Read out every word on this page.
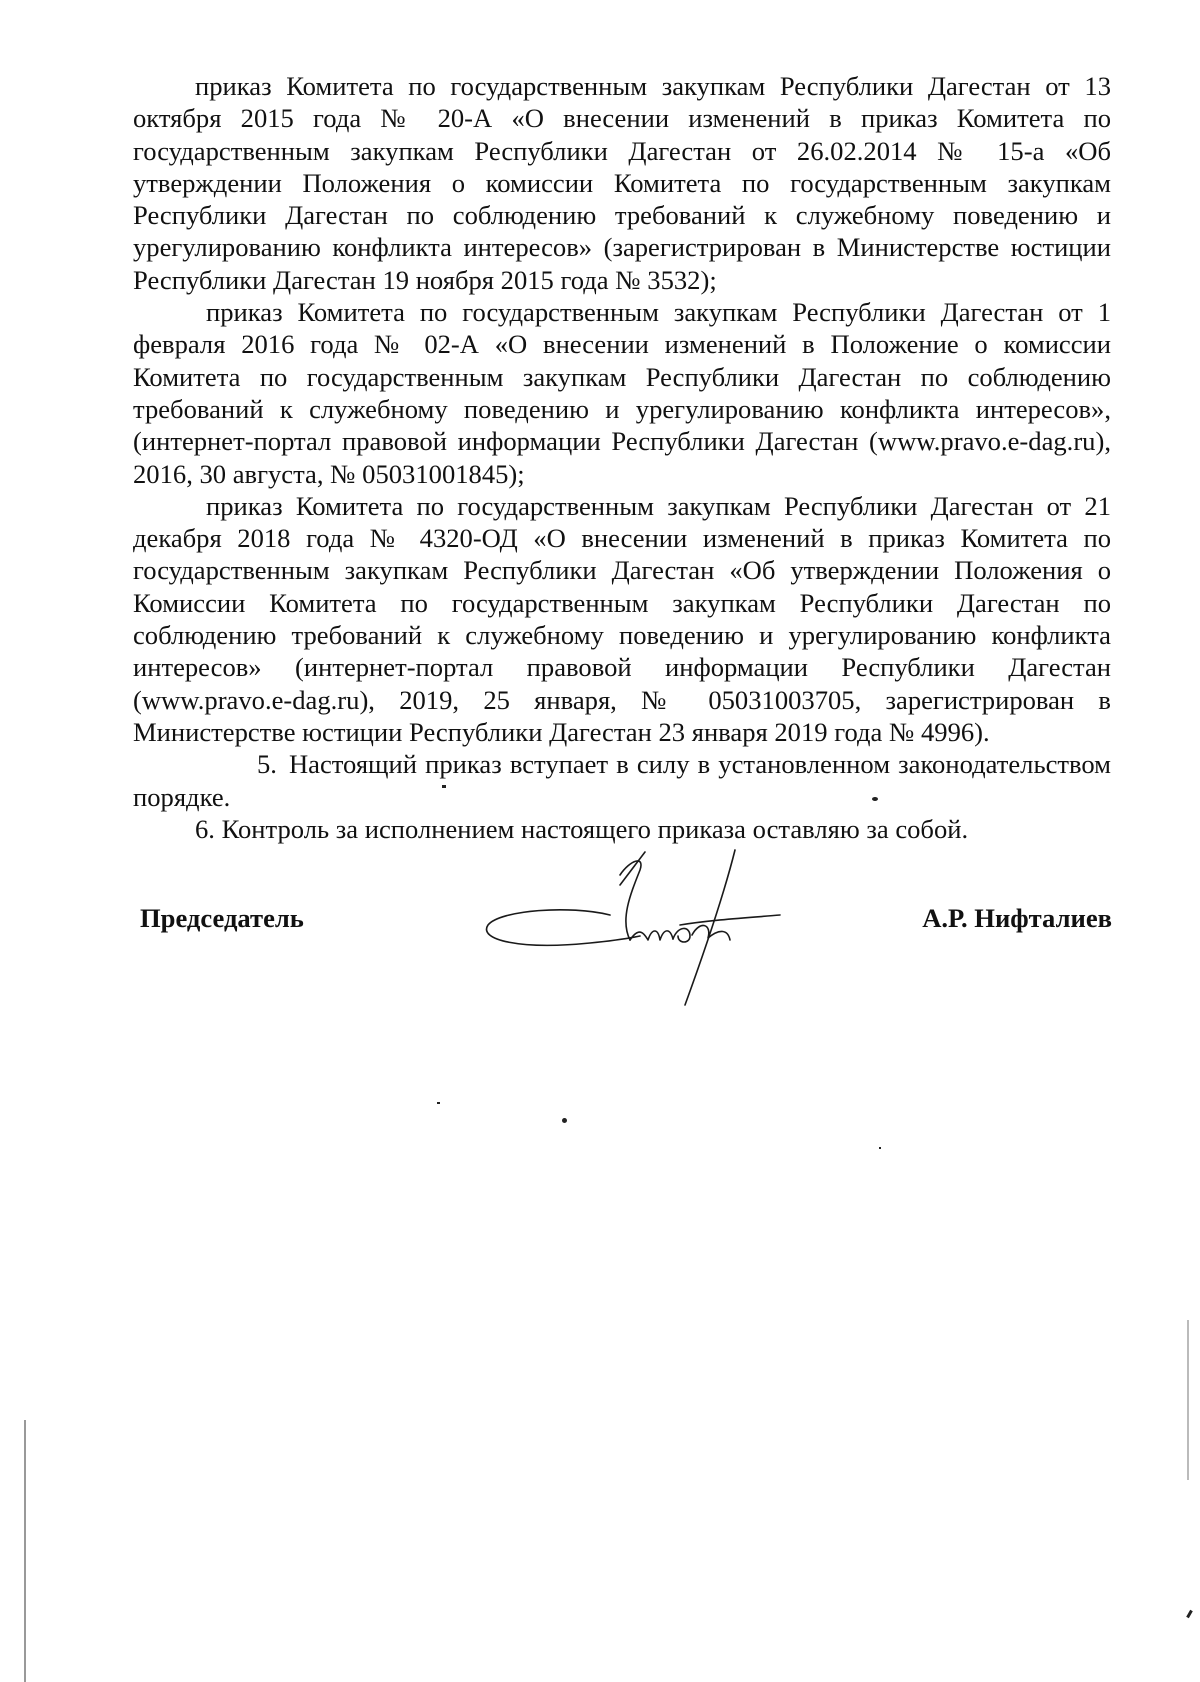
приказ Комитета по государственным закупкам Республики Дагестан от 13 октября 2015 года № 20-А «О внесении изменений в приказ Комитета по государственным закупкам Республики Дагестан от 26.02.2014 № 15-а «Об утверждении Положения о комиссии Комитета по государственным закупкам Республики Дагестан по соблюдению требований к служебному поведению и урегулированию конфликта интересов» (зарегистрирован в Министерстве юстиции Республики Дагестан 19 ноября 2015 года № 3532);

приказ Комитета по государственным закупкам Республики Дагестан от 1 февраля 2016 года № 02-А «О внесении изменений в Положение о комиссии Комитета по государственным закупкам Республики Дагестан по соблюдению требований к служебному поведению и урегулированию конфликта интересов», (интернет-портал правовой информации Республики Дагестан (www.pravo.e-dag.ru), 2016, 30 августа, № 05031001845);

приказ Комитета по государственным закупкам Республики Дагестан от 21 декабря 2018 года № 4320-ОД «О внесении изменений в приказ Комитета по государственным закупкам Республики Дагестан «Об утверждении Положения о Комиссии Комитета по государственным закупкам Республики Дагестан по соблюдению требований к служебному поведению и урегулированию конфликта интересов» (интернет-портал правовой информации Республики Дагестан (www.pravo.e-dag.ru), 2019, 25 января, № 05031003705, зарегистрирован в Министерстве юстиции Республики Дагестан 23 января 2019 года № 4996).

5. Настоящий приказ вступает в силу в установленном законодательством порядке.

6. Контроль за исполнением настоящего приказа оставляю за собой.

Председатель	А.Р. Нифталиев
